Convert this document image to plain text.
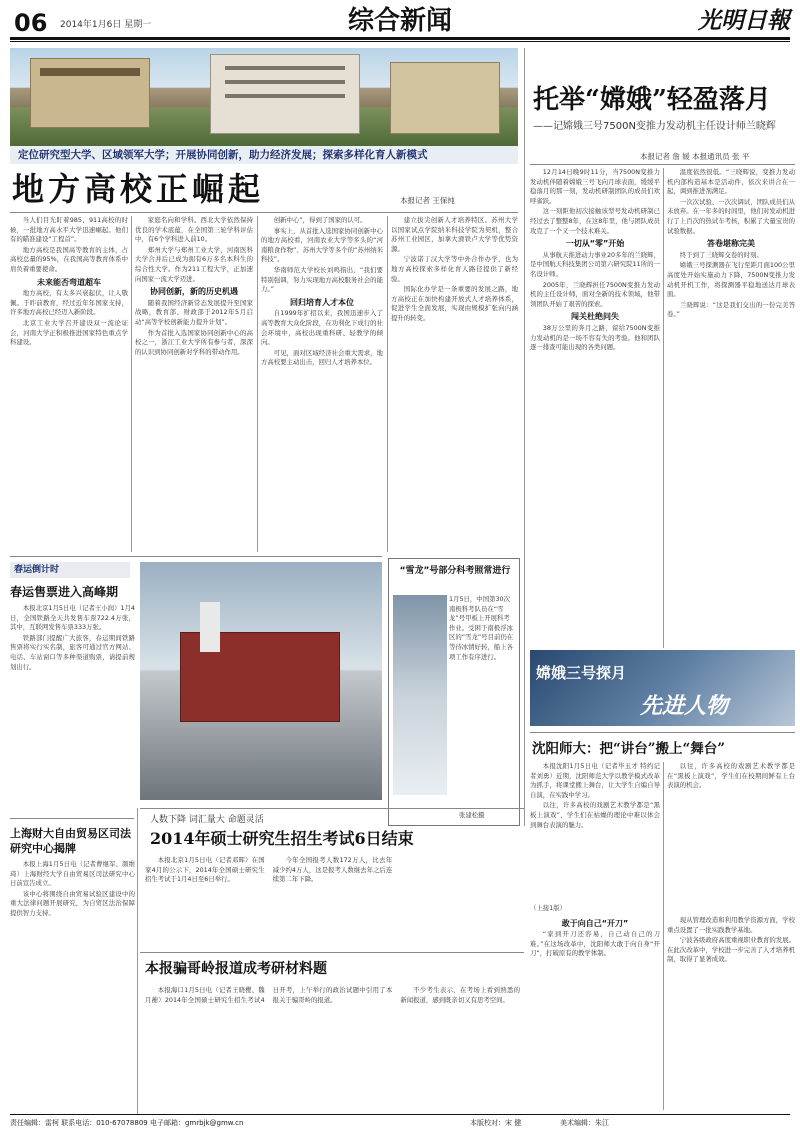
06 2014年1月6日 星期一	综合新闻	光明日報
定位研究型大学、区域领军大学；开展协同创新，助力经济发展；探索多样化育人新模式
地方高校正崛起	本报记者 王保纯

当人们目光盯着985、911高校的时候，一批地方高水平大学迅速崛起。他们有的瞄准建设“工程首”。

地方高校是我国高等教育的主体，占高校总量的95%，在我国高等教育体系中肩负着重要使命。

未来能否弯道超车

地方高校，有太多兴衰起伏，让人敬佩。于昨前教育，经过近年年国家支持，许多地方高校已经迈入新阶段。

北京工业大学召开建设双一流论证会，河南大学正积极推进国家特色重点学科建设。

家庭名向和学科。西北大学依然保持优良的学术底蕴，在全国第三轮学科评估中，有6个学科进入前10。

郑州大学与郑州工业大学，河南医科大学合并后已成为拥有6万多名本科生的综合性大学。作为211工程大学，正加速向国家一流大学迈进。

协同创新，新的历史机遇

随着我国经济新常态发展提升至国家战略，教育部、财政部于2012年5月启动“高等学校创新能力提升计划”。

作为首批入选国家协同创新中心的高校之一，浙江工业大学所有参与者，深深的认识到协同创新对学科的带动作用。

创新中心”，得到了国家的认可。

事实上，从首批入选国家协同创新中心的地方高校看，河南农业大学等多头的“河南粮食作物”、苏州大学等多个的“苏州纳米科技”。

华南师范大学校长刘鸣指出，“我们要特别强调，努力实现地方高校服务社会的能力。”

回归培育人才本位

自1999年扩招以来，我国迅速步入了高等教育大众化阶段，在功利化下成行的社会环境中，高校出现重科研、轻教学的倾向。

可见，面对区域经济社会重大需求，地方高校要主动出击，回归人才培养本位。

建立拔尖创新人才培养特区。苏州大学以国家试点学院纳米科技学院为契机，整合苏州工业园区，加拿大滑铁卢大学等优势资源。

宁波诺丁汉大学等中外合作办学，也为地方高校探索多样化育人路径提供了新经验。

国际化办学是一条重要的发展之路，地方高校正在加快构建开放式人才培养体系，促进学生全面发展，实现由规模扩张向内涵提升的转变。

托举“嫦娥”轻盈落月
——记嫦娥三号7500N变推力发动机主任设计师兰晓辉
本报记者 詹 媛 本报通讯员 张 平

12月14日晚9时11分，当7500N变推力发动机伴随着嫦娥三号飞向月球表面，缓缓平稳落月的那一刻，发动机研制团队的成员们欢呼雀跃。

这一刻距他初次接触该型号发动机研制已经过去了整整8年，在这8年里，他与团队成员攻克了一个又一个技术难关。

一切从“零”开始

从事航天推进动力事业20多年的兰晓辉，是中国航天科技集团公司第六研究院11所的一名设计师。

2005年，兰晓辉担任7500N变推力发动机的主任设计师，面对全新的技术领域，他带领团队开始了艰苦的探索。

闯关杜绝问失

38万公里的奔月之路，留给7500N变推力发动机的是一场不容有失的考验。他和团队逐一排查可能出现的各类问题。

温度依然很低。“三晓辉说，变推力发动机内部构造基本是活动件，依次来讲合在一起，调到推进剂满足。

一次次试验、一次次调试，团队成员们从未放弃。在一年多的时间里，他们对发动机进行了上百次的热试车考核，积累了大量宝贵的试验数据。

答卷堪称完美

终于到了三晓辉交卷的时刻。

嫦娥三号探测器在飞行至距月面100公里高度处开始实施动力下降，7500N变推力发动机开机工作，将探测器平稳地送达月球表面。

兰晓辉说：“这是我们交出的一份完美答卷。”

“雪龙”号部分科考照常进行
1月5日，中国第30次南极科考队员在“雪龙”号甲板上开展科考作业。受困于南极浮冰区的“雪龙”号目前仍在等待冰情好转，船上各项工作有序进行。
张建松摄
嫦娥三号探月
先进人物
春运倒计时
春运售票进入高峰期

本报北京1月5日电（记者王小润）1月4日，全国铁路全天共发售车票722.4万张，其中，互联网发售车票333万张。

铁路部门提醒广大旅客，春运期间铁路售票将实行实名制，旅客可通过官方网站、电话、车站窗口等多种渠道购票，请提前规划出行。

上海财大自由贸易区司法研究中心揭牌

本报上海1月5日电（记者曹继军、颜维琦）上海财经大学自由贸易区司法研究中心日前宣告成立。

该中心将围绕自由贸易试验区建设中的重大法律问题开展研究，为自贸区法治保障提供智力支持。

人数下降 词汇量大 命题灵活
2014年硕士研究生招生考试6日结束

本报北京1月5日电（记者邓晖）在国家4月的公示下，2014年全国硕士研究生招生考试于1月4日至6日举行。

今年全国报考人数172万人，比去年减少约4万人，这是报考人数继去年之后连续第二年下降。

本报骗哥岭报道成考研材料题

本报海口1月5日电（记者王晓樱、魏月蘅）2014年全国硕士研究生招生考试4日开考，上午举行的政治试题中引用了本报关于骗哥岭的报道。

不少考生表示，在考场上看到熟悉的新闻报道，感到既亲切又有思考空间。

沈阳师大：把“讲台”搬上“舞台”

本报沈阳1月5日电（记者毕玉才 特约记者刘勇）近期，沈阳师范大学以教学模式改革为抓手，将课堂搬上舞台，让大学生自编自导自演，在实践中学习。

以往，许多高校的戏剧艺术教学都是“黑板上演戏”，学生们在枯燥的理论中难以体会到舞台表演的魅力。

以往，许多高校的戏剧艺术教学都是在“黑板上演戏”，学生们在校期间鲜有上台表演的机会。

（上接1版）
敢于向自己“开刀”

“家到开刀还容易，自己动自己的刀难。”在这场改革中，沈阳师大敢于向自身“开刀”，打破原有的教学体制。

现从管理改造和利用教学资源方面，学校重点设置了一批实践教学基地。

宁波各级政府高度重视职业教育的发展。在此次改革中，学校进一步完善了人才培养机制，取得了显著成效。

责任编辑：雷柯 联系电话：010-67078809 电子邮箱：gmrbjk@gmw.cn	本版校对：宋 健	美术编辑：朱江
